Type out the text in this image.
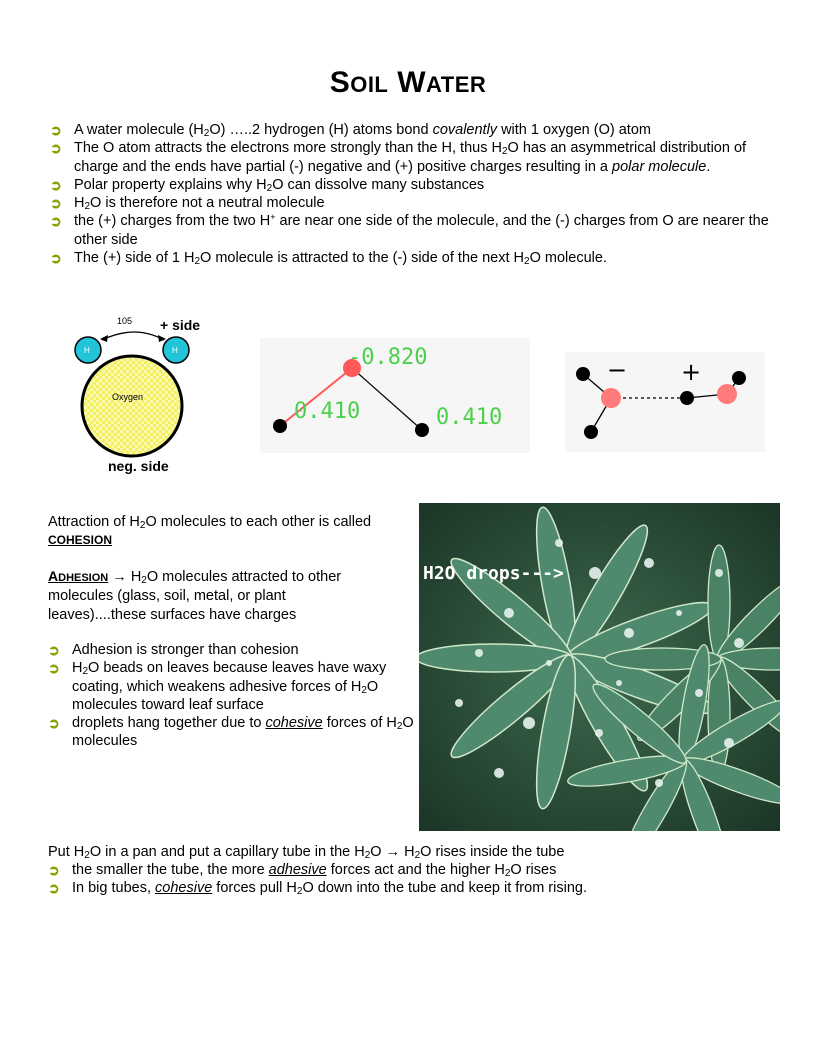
SOIL WATER
➲ A water molecule $(H_2O)$ …..2 hydrogen (H) atoms bond covalently with 1 oxygen (O) atom
➲ The O atom attracts the electrons more strongly than the H, thus $H_2O$ has an asymmetrical distribution of charge and the ends have partial (-) negative and (+) positive charges resulting in a polar molecule.
➲ Polar property explains why $H_2O$ can dissolve many substances
➲ $H_2O$ is therefore not a neutral molecule
➲ the (+) charges from the two H+ are near one side of the molecule, and the (-) charges from O are nearer the other side
➲ The (+) side of 1 $H_2O$ molecule is attracted to the (-) side of the next $H_2O$ molecule.
105 + side
H	H
Oxygen
neg. side
-0.820
0.410	0.410
− +
Attraction of $H_2O$ molecules to each other is called
COHESION
ADHESION → $H_2O$ molecules attracted to other molecules (glass, soil, metal, or plant leaves)....these surfaces have charges
➲ Adhesion is stronger than cohesion
➲ $H_2O$ beads on leaves because leaves have waxy coating, which weakens adhesive forces of $H_2O$ molecules toward leaf surface
➲ droplets hang together due to cohesive forces of $H_2O$ molecules
H2O drops--->
Put $H_2O$ in a pan and put a capillary tube in the $H_2O \to H_2O$ rises inside the tube
➲ the smaller the tube, the more adhesive forces act and the higher $H_2O$ rises
➲ In big tubes, cohesive forces pull $H_2O$ down into the tube and keep it from rising.
